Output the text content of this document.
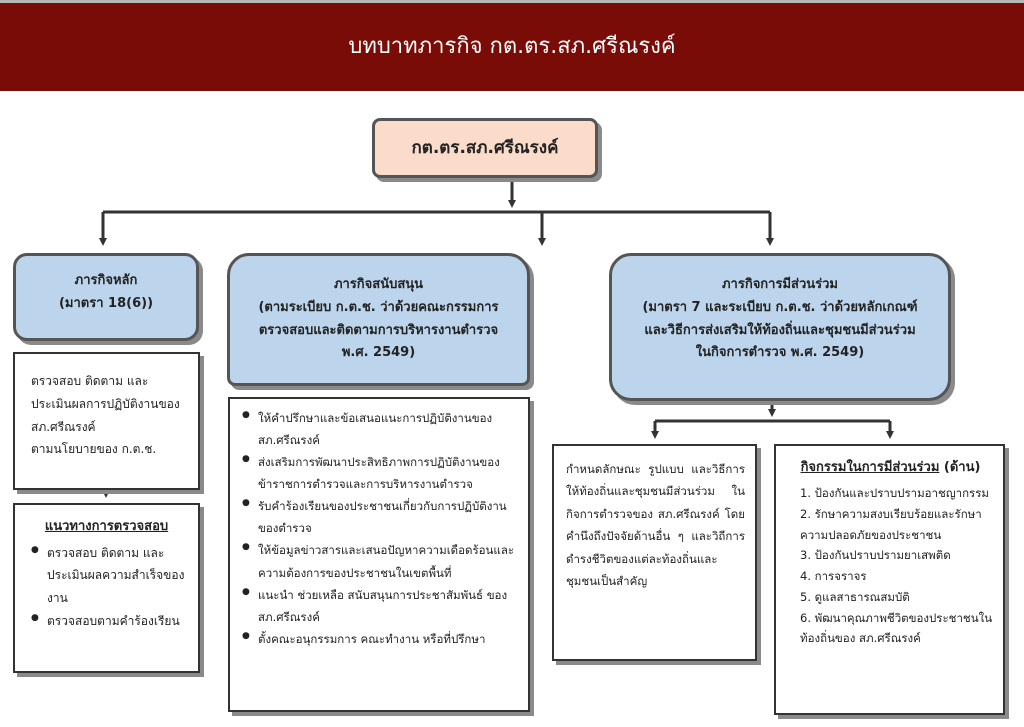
บทบาทภารกิจ กต.ตร.สภ.ศรีณรงค์
กต.ตร.สภ.ศรีณรงค์
ภารกิจหลัก
(มาตรา 18(6))
ตรวจสอบ ติดตาม และ
ประเมินผลการปฏิบัติงานของ
สภ.ศรีณรงค์
ตามนโยบายของ ก.ต.ช.
แนวทางการตรวจสอบ
● ตรวจสอบ ติดตาม และประเมินผลความสำเร็จของงาน
● ตรวจสอบตามคำร้องเรียน
ภารกิจสนับสนุน
(ตามระเบียบ ก.ต.ช. ว่าด้วยคณะกรรมการ
ตรวจสอบและติดตามการบริหารงานตำรวจ
พ.ศ. 2549)
● ให้คำปรึกษาและข้อเสนอแนะการปฏิบัติงานของ สภ.ศรีณรงค์
● ส่งเสริมการพัฒนาประสิทธิภาพการปฏิบัติงานของข้าราชการตำรวจและการบริหารงานตำรวจ
● รับคำร้องเรียนของประชาชนเกี่ยวกับการปฏิบัติงาน ของตำรวจ
● ให้ข้อมูลข่าวสารและเสนอปัญหาความเดือดร้อนและความต้องการของประชาชนในเขตพื้นที่
● แนะนำ ช่วยเหลือ สนับสนุนการประชาสัมพันธ์ ของ สภ.ศรีณรงค์
● ตั้งคณะอนุกรรมการ คณะทำงาน หรือที่ปรึกษา
ภารกิจการมีส่วนร่วม
(มาตรา 7 และระเบียบ ก.ต.ช. ว่าด้วยหลักเกณฑ์
และวิธีการส่งเสริมให้ท้องถิ่นและชุมชนมีส่วนร่วม
ในกิจการตำรวจ พ.ศ. 2549)
กำหนดลักษณะ รูปแบบ และวิธีการให้ท้องถิ่นและชุมชนมีส่วนร่วม ในกิจการตำรวจของ สภ.ศรีณรงค์ โดยคำนึงถึงปัจจัยด้านอื่น ๆ และวิถีการดำรงชีวิตของแต่ละท้องถิ่นและชุมชนเป็นสำคัญ
กิจกรรมในการมีส่วนร่วม (ด้าน)
1. ป้องกันและปราบปรามอาชญากรรม
2. รักษาความสงบเรียบร้อยและรักษาความปลอดภัยของประชาชน
3. ป้องกันปราบปรามยาเสพติด
4. การจราจร
5. ดูแลสาธารณสมบัติ
6. พัฒนาคุณภาพชีวิตของประชาชนในท้องถิ่นของ สภ.ศรีณรงค์
